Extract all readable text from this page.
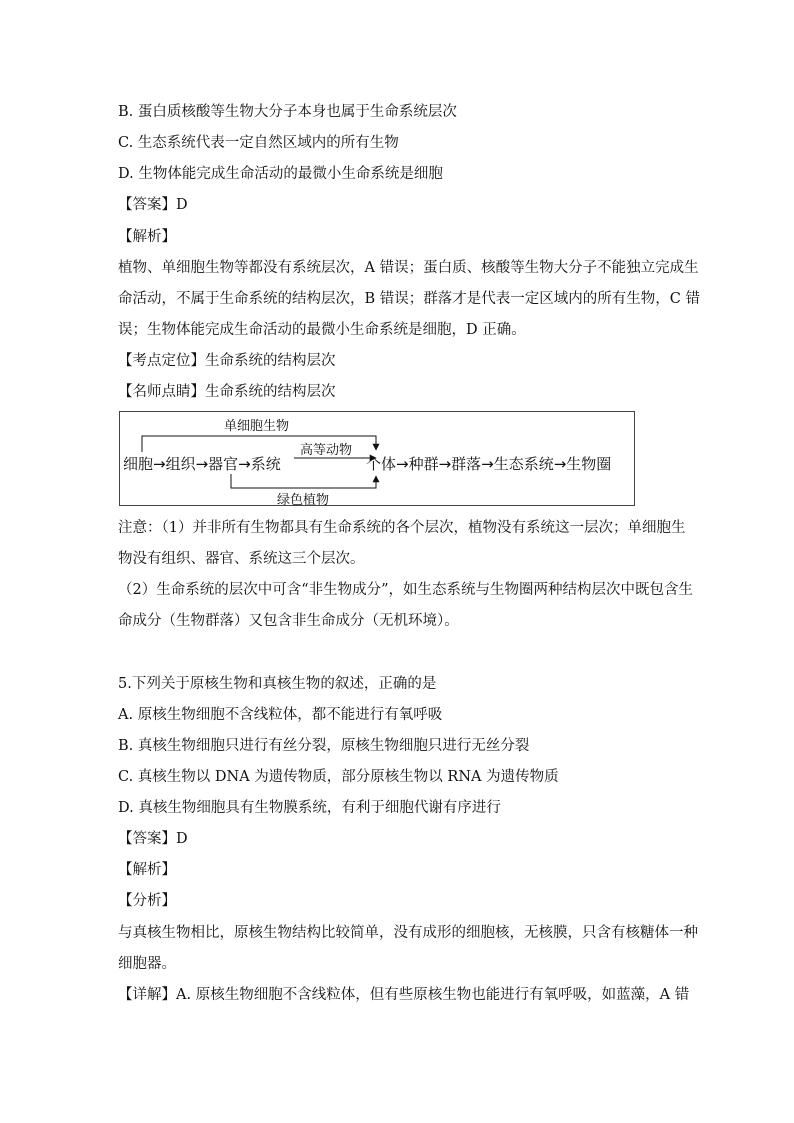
B. 蛋白质核酸等生物大分子本身也属于生命系统层次
C. 生态系统代表一定自然区域内的所有生物
D. 生物体能完成生命活动的最微小生命系统是细胞
【答案】D
【解析】
植物、单细胞生物等都没有系统层次，A 错误；蛋白质、核酸等生物大分子不能独立完成生
命活动，不属于生命系统的结构层次，B 错误；群落才是代表一定区域内的所有生物，C 错
误；生物体能完成生命活动的最微小生命系统是细胞，D 正确。
【考点定位】生命系统的结构层次
【名师点睛】生命系统的结构层次
单细胞生物
高等动物
细胞→组织→器官→系统	个体→种群→群落→生态系统→生物圈
绿色植物
注意：（1）并非所有生物都具有生命系统的各个层次，植物没有系统这一层次；单细胞生
物没有组织、器官、系统这三个层次。
（2）生命系统的层次中可含“非生物成分”，如生态系统与生物圈两种结构层次中既包含生
命成分（生物群落）又包含非生命成分（无机环境）。
5.下列关于原核生物和真核生物的叙述，正确的是
A. 原核生物细胞不含线粒体，都不能进行有氧呼吸
B. 真核生物细胞只进行有丝分裂，原核生物细胞只进行无丝分裂
C. 真核生物以 DNA 为遗传物质，部分原核生物以 RNA 为遗传物质
D. 真核生物细胞具有生物膜系统，有利于细胞代谢有序进行
【答案】D
【解析】
【分析】
与真核生物相比，原核生物结构比较简单，没有成形的细胞核，无核膜，只含有核糖体一种
细胞器。
【详解】A. 原核生物细胞不含线粒体，但有些原核生物也能进行有氧呼吸，如蓝藻，A 错
